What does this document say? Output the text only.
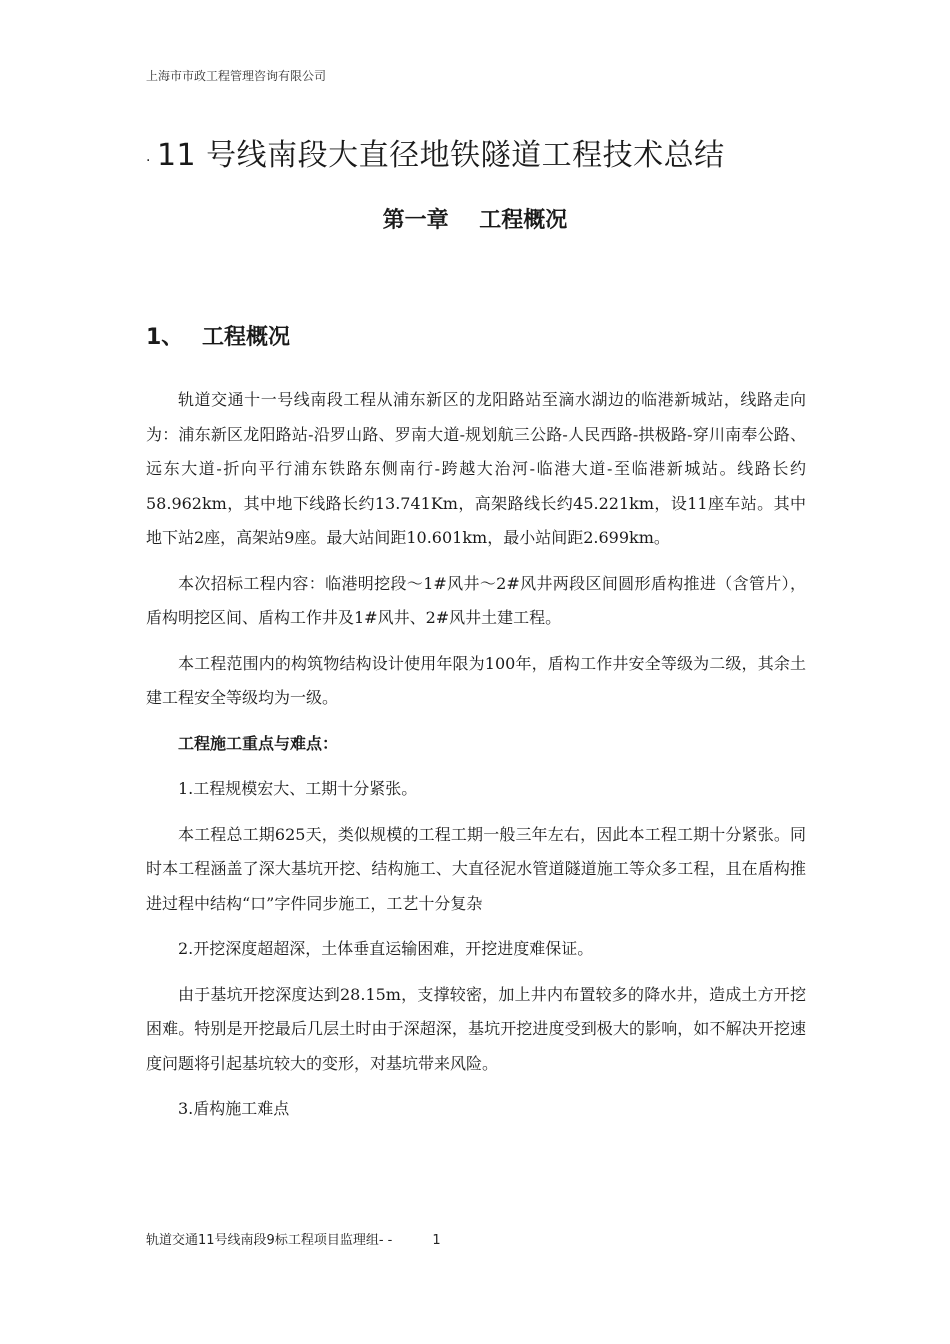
上海市市政工程管理咨询有限公司
. 11 号线南段大直径地铁隧道工程技术总结
第一章    工程概况
1、 工程概况

轨道交通十一号线南段工程从浦东新区的龙阳路站至滴水湖边的临港新城站，线路走向为：浦东新区龙阳路站-沿罗山路、罗南大道-规划航三公路-人民西路-拱极路-穿川南奉公路、远东大道-折向平行浦东铁路东侧南行-跨越大治河-临港大道-至临港新城站。线路长约58.962km，其中地下线路长约13.741Km，高架路线长约45.221km，设11座车站。其中地下站2座，高架站9座。最大站间距10.601km，最小站间距2.699km。

本次招标工程内容：临港明挖段～1#风井～2#风井两段区间圆形盾构推进（含管片），盾构明挖区间、盾构工作井及1#风井、2#风井土建工程。

本工程范围内的构筑物结构设计使用年限为100年，盾构工作井安全等级为二级，其余土建工程安全等级均为一级。

工程施工重点与难点：

1.工程规模宏大、工期十分紧张。

本工程总工期625天，类似规模的工程工期一般三年左右，因此本工程工期十分紧张。同时本工程涵盖了深大基坑开挖、结构施工、大直径泥水管道隧道施工等众多工程，且在盾构推进过程中结构“口”字件同步施工，工艺十分复杂

2.开挖深度超超深，土体垂直运输困难，开挖进度难保证。

由于基坑开挖深度达到28.15m，支撑较密，加上井内布置较多的降水井，造成土方开挖困难。特别是开挖最后几层土时由于深超深，基坑开挖进度受到极大的影响，如不解决开挖速度问题将引起基坑较大的变形，对基坑带来风险。

3.盾构施工难点

轨道交通11号线南段9标工程项目监理组- -	1
